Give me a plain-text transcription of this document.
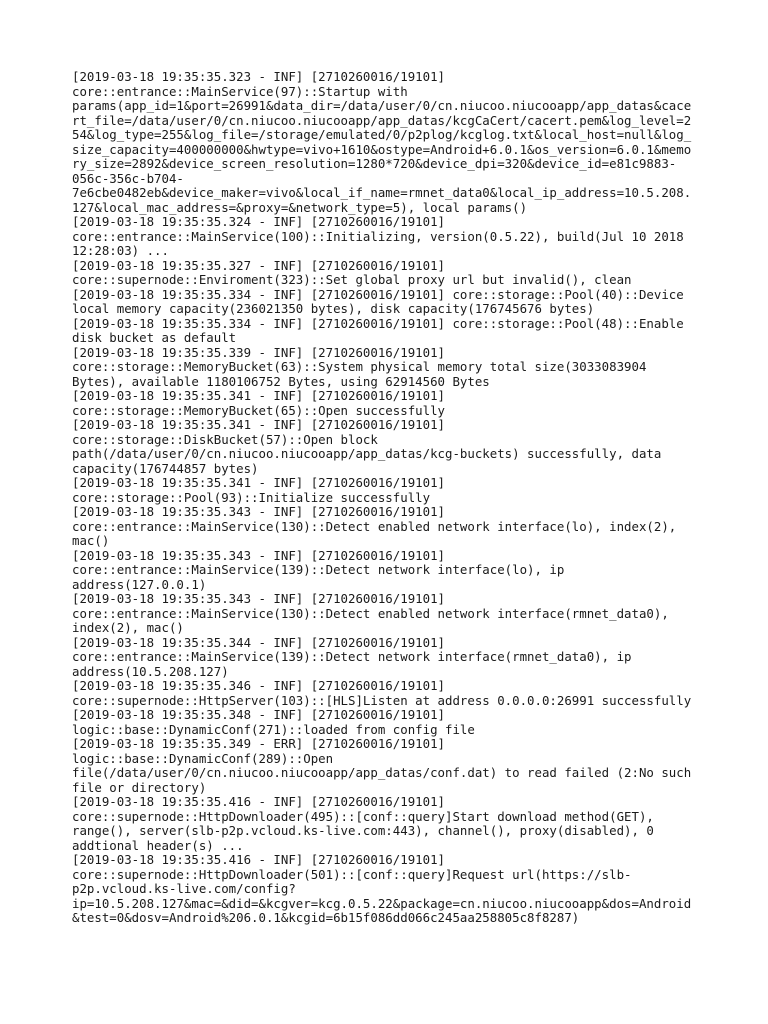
[2019-03-18 19:35:35.323 - INF] [2710260016/19101]

core::entrance::MainService(97)::Startup with

params(app_id=1&port=26991&data_dir=/data/user/0/cn.niucoo.niucooapp/app_datas&cace

rt_file=/data/user/0/cn.niucoo.niucooapp/app_datas/kcgCaCert/cacert.pem&log_level=2

54&log_type=255&log_file=/storage/emulated/0/p2plog/kcglog.txt&local_host=null&log_

size_capacity=400000000&hwtype=vivo+1610&ostype=Android+6.0.1&os_version=6.0.1&memo

ry_size=2892&device_screen_resolution=1280*720&device_dpi=320&device_id=e81c9883-

056c-356c-b704-

7e6cbe0482eb&device_maker=vivo&local_if_name=rmnet_data0&local_ip_address=10.5.208.

127&local_mac_address=&proxy=&network_type=5), local params()

[2019-03-18 19:35:35.324 - INF] [2710260016/19101]

core::entrance::MainService(100)::Initializing, version(0.5.22), build(Jul 10 2018

12:28:03) ...

[2019-03-18 19:35:35.327 - INF] [2710260016/19101]

core::supernode::Enviroment(323)::Set global proxy url but invalid(), clean

[2019-03-18 19:35:35.334 - INF] [2710260016/19101] core::storage::Pool(40)::Device

local memory capacity(236021350 bytes), disk capacity(176745676 bytes)

[2019-03-18 19:35:35.334 - INF] [2710260016/19101] core::storage::Pool(48)::Enable

disk bucket as default

[2019-03-18 19:35:35.339 - INF] [2710260016/19101]

core::storage::MemoryBucket(63)::System physical memory total size(3033083904

Bytes), available 1180106752 Bytes, using 62914560 Bytes

[2019-03-18 19:35:35.341 - INF] [2710260016/19101]

core::storage::MemoryBucket(65)::Open successfully

[2019-03-18 19:35:35.341 - INF] [2710260016/19101]

core::storage::DiskBucket(57)::Open block

path(/data/user/0/cn.niucoo.niucooapp/app_datas/kcg-buckets) successfully, data

capacity(176744857 bytes)

[2019-03-18 19:35:35.341 - INF] [2710260016/19101]

core::storage::Pool(93)::Initialize successfully

[2019-03-18 19:35:35.343 - INF] [2710260016/19101]

core::entrance::MainService(130)::Detect enabled network interface(lo), index(2),

mac()

[2019-03-18 19:35:35.343 - INF] [2710260016/19101]

core::entrance::MainService(139)::Detect network interface(lo), ip

address(127.0.0.1)

[2019-03-18 19:35:35.343 - INF] [2710260016/19101]

core::entrance::MainService(130)::Detect enabled network interface(rmnet_data0),

index(2), mac()

[2019-03-18 19:35:35.344 - INF] [2710260016/19101]

core::entrance::MainService(139)::Detect network interface(rmnet_data0), ip

address(10.5.208.127)

[2019-03-18 19:35:35.346 - INF] [2710260016/19101]

core::supernode::HttpServer(103)::[HLS]Listen at address 0.0.0.0:26991 successfully

[2019-03-18 19:35:35.348 - INF] [2710260016/19101]

logic::base::DynamicConf(271)::loaded from config file

[2019-03-18 19:35:35.349 - ERR] [2710260016/19101]

logic::base::DynamicConf(289)::Open

file(/data/user/0/cn.niucoo.niucooapp/app_datas/conf.dat) to read failed (2:No such

file or directory)

[2019-03-18 19:35:35.416 - INF] [2710260016/19101]

core::supernode::HttpDownloader(495)::[conf::query]Start download method(GET),

range(), server(slb-p2p.vcloud.ks-live.com:443), channel(), proxy(disabled), 0

addtional header(s) ...

[2019-03-18 19:35:35.416 - INF] [2710260016/19101]

core::supernode::HttpDownloader(501)::[conf::query]Request url(https://slb-

p2p.vcloud.ks-live.com/config?

ip=10.5.208.127&mac=&did=&kcgver=kcg.0.5.22&package=cn.niucoo.niucooapp&dos=Android

&test=0&dosv=Android%206.0.1&kcgid=6b15f086dd066c245aa258805c8f8287)
